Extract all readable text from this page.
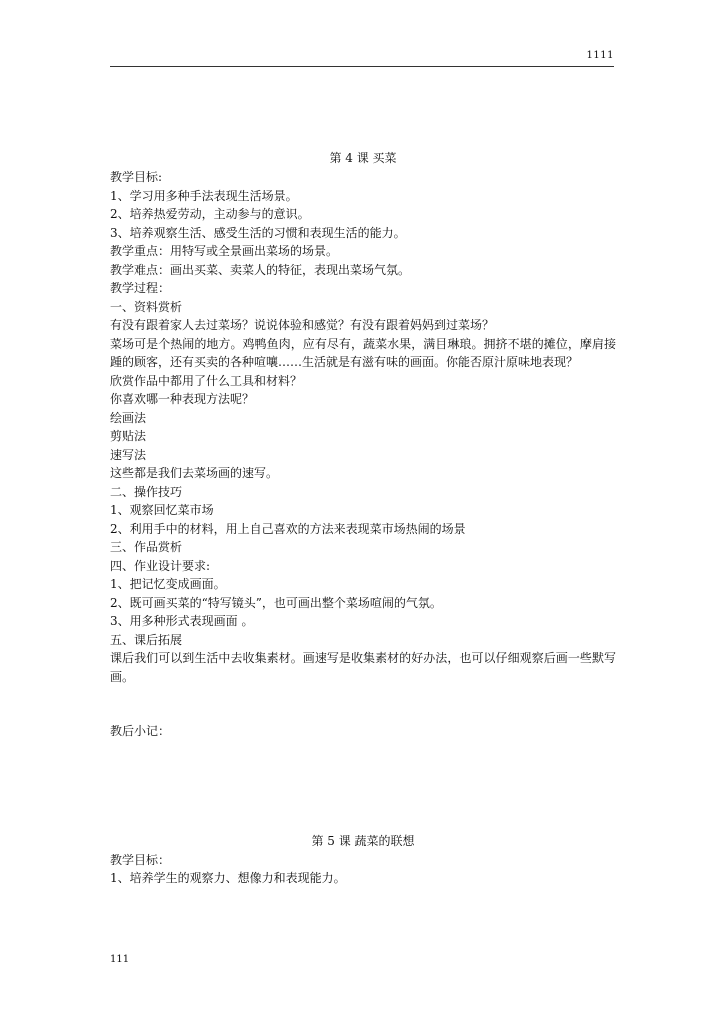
1111
第 4 课 买菜
教学目标:
1、学习用多种手法表现生活场景。
2、培养热爱劳动，主动参与的意识。
3、培养观察生活、感受生活的习惯和表现生活的能力。
教学重点：用特写或全景画出菜场的场景。
教学难点：画出买菜、卖菜人的特征，表现出菜场气氛。
教学过程：
一、资料赏析
有没有跟着家人去过菜场？说说体验和感觉？有没有跟着妈妈到过菜场？
菜场可是个热闹的地方。鸡鸭鱼肉，应有尽有，蔬菜水果，满目琳琅。拥挤不堪的摊位，摩肩接踵的顾客，还有买卖的各种喧嚷……生活就是有滋有味的画面。你能否原汁原味地表现？
欣赏作品中都用了什么工具和材料？
你喜欢哪一种表现方法呢？
绘画法
剪贴法
速写法
这些都是我们去菜场画的速写。
二、操作技巧
1、观察回忆菜市场
2、利用手中的材料，用上自己喜欢的方法来表现菜市场热闹的场景
三、作品赏析
四、作业设计要求:
1、把记忆变成画面。
2、既可画买菜的“特写镜头”，也可画出整个菜场喧闹的气氛。
3、用多种形式表现画面 。
五、课后拓展
课后我们可以到生活中去收集素材。画速写是收集素材的好办法，也可以仔细观察后画一些默写画。
教后小记：
第 5 课 蔬菜的联想
教学目标：
1、培养学生的观察力、想像力和表现能力。
111
